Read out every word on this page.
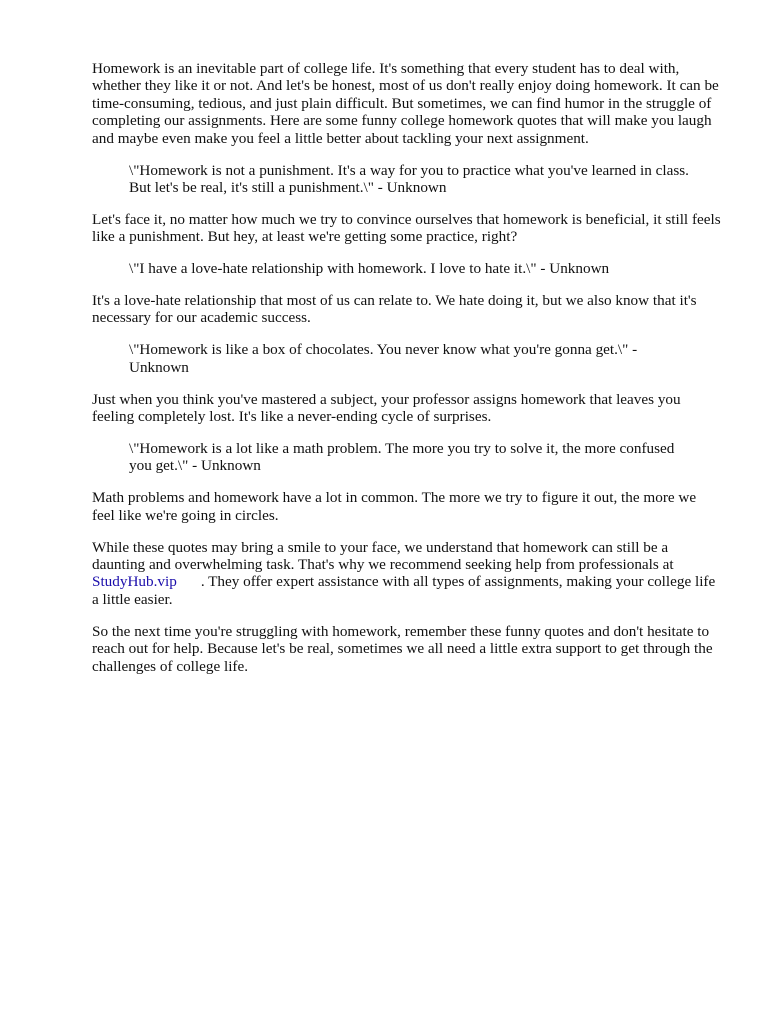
Homework is an inevitable part of college life. It's something that every student has to deal with, whether they like it or not. And let's be honest, most of us don't really enjoy doing homework. It can be time-consuming, tedious, and just plain difficult. But sometimes, we can find humor in the struggle of completing our assignments. Here are some funny college homework quotes that will make you laugh and maybe even make you feel a little better about tackling your next assignment.

\"Homework is not a punishment. It's a way for you to practice what you've learned in class. But let's be real, it's still a punishment.\" - Unknown

Let's face it, no matter how much we try to convince ourselves that homework is beneficial, it still feels like a punishment. But hey, at least we're getting some practice, right?

\"I have a love-hate relationship with homework. I love to hate it.\" - Unknown

It's a love-hate relationship that most of us can relate to. We hate doing it, but we also know that it's necessary for our academic success.

\"Homework is like a box of chocolates. You never know what you're gonna get.\" - Unknown

Just when you think you've mastered a subject, your professor assigns homework that leaves you feeling completely lost. It's like a never-ending cycle of surprises.

\"Homework is a lot like a math problem. The more you try to solve it, the more confused you get.\" - Unknown

Math problems and homework have a lot in common. The more we try to figure it out, the more we feel like we're going in circles.

While these quotes may bring a smile to your face, we understand that homework can still be a daunting and overwhelming task. That's why we recommend seeking help from professionals at StudyHub.vip . They offer expert assistance with all types of assignments, making your college life a little easier.

So the next time you're struggling with homework, remember these funny quotes and don't hesitate to reach out for help. Because let's be real, sometimes we all need a little extra support to get through the challenges of college life.
